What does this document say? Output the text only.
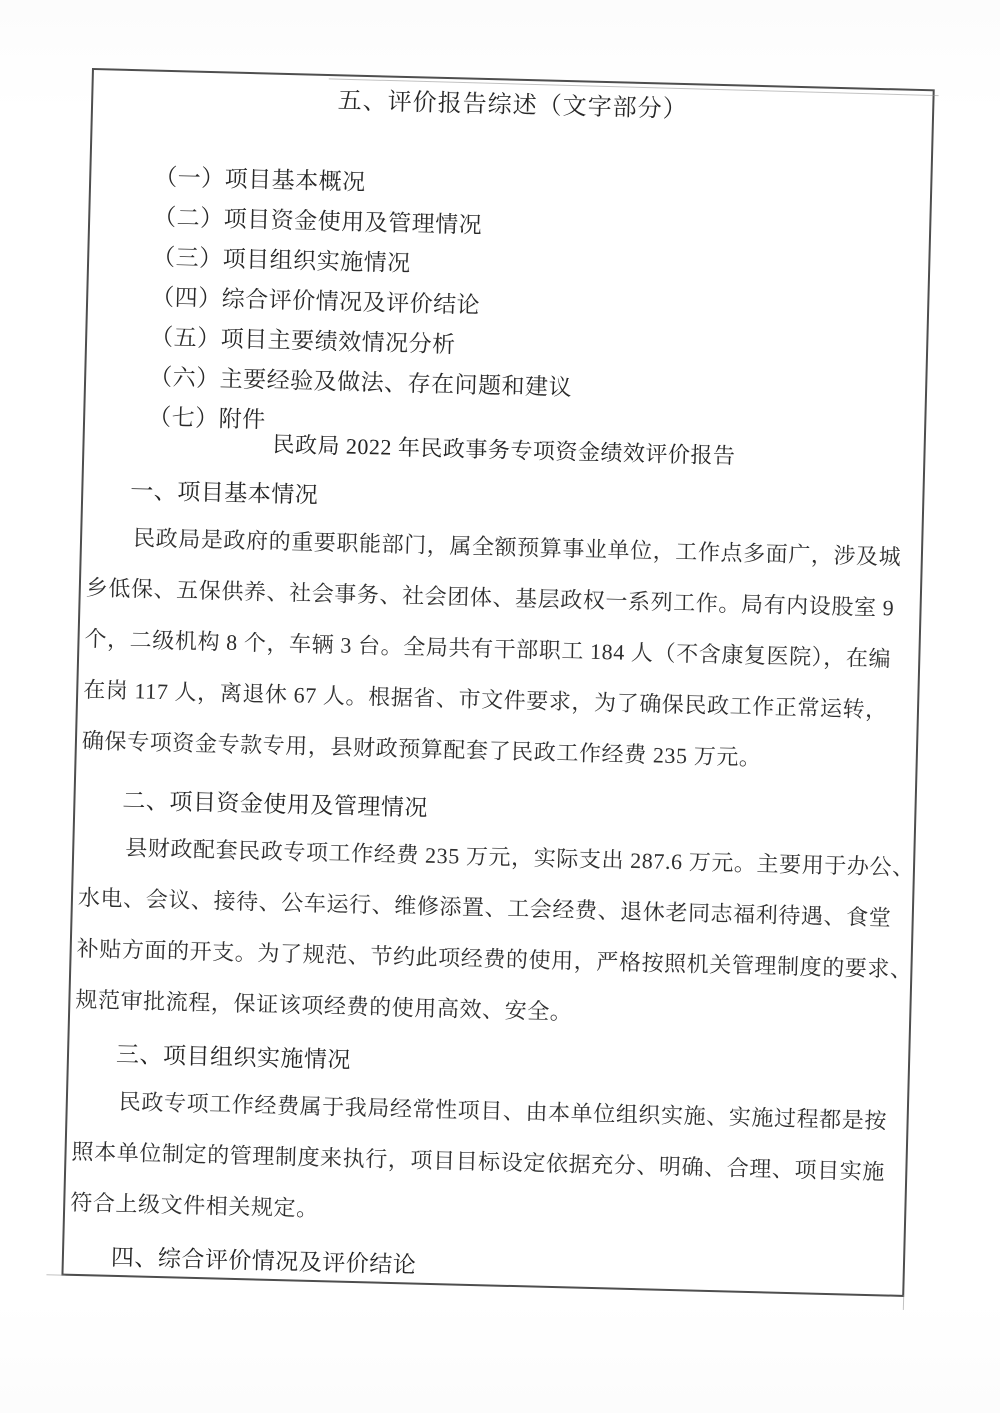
五、评价报告综述（文字部分）
（一）项目基本概况
（二）项目资金使用及管理情况
（三）项目组织实施情况
（四）综合评价情况及评价结论
（五）项目主要绩效情况分析
（六）主要经验及做法、存在问题和建议
（七）附件
民政局 2022 年民政事务专项资金绩效评价报告
一、项目基本情况
民政局是政府的重要职能部门，属全额预算事业单位，工作点多面广，涉及城
乡低保、五保供养、社会事务、社会团体、基层政权一系列工作。局有内设股室 9
个，二级机构 8 个，车辆 3 台。全局共有干部职工 184 人（不含康复医院），在编
在岗 117 人，离退休 67 人。根据省、市文件要求，为了确保民政工作正常运转，
确保专项资金专款专用，县财政预算配套了民政工作经费 235 万元。
二、项目资金使用及管理情况
县财政配套民政专项工作经费 235 万元，实际支出 287.6 万元。主要用于办公、
水电、会议、接待、公车运行、维修添置、工会经费、退休老同志福利待遇、食堂
补贴方面的开支。为了规范、节约此项经费的使用，严格按照机关管理制度的要求、
规范审批流程，保证该项经费的使用高效、安全。
三、项目组织实施情况
民政专项工作经费属于我局经常性项目、由本单位组织实施、实施过程都是按
照本单位制定的管理制度来执行，项目目标设定依据充分、明确、合理、项目实施
符合上级文件相关规定。
四、综合评价情况及评价结论
